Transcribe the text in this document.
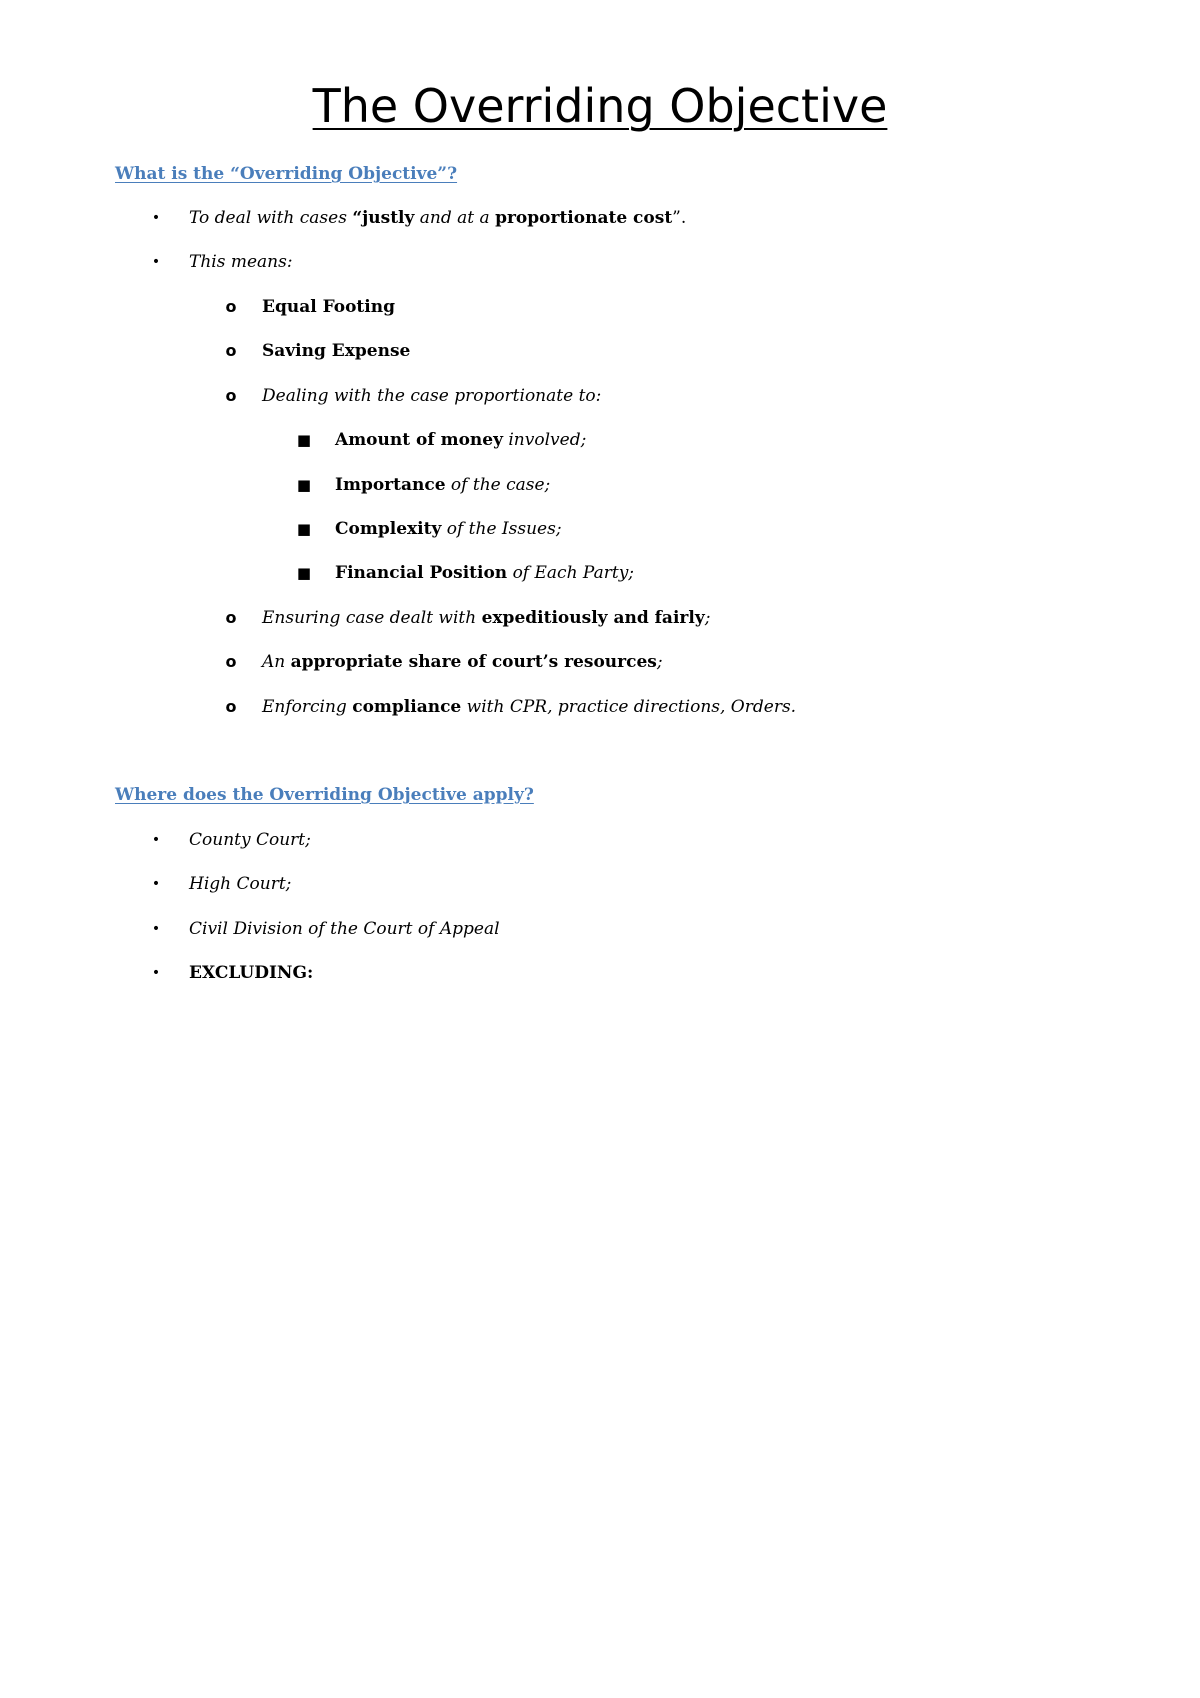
The Overriding Objective
What is the “Overriding Objective”?
• To deal with cases “justly and at a proportionate cost”.
• This means:
o Equal Footing
o Saving Expense
o Dealing with the case proportionate to:
■ Amount of money involved;
■ Importance of the case;
■ Complexity of the Issues;
■ Financial Position of Each Party;
o Ensuring case dealt with expeditiously and fairly;
o An appropriate share of court’s resources;
o Enforcing compliance with CPR, practice directions, Orders.
Where does the Overriding Objective apply?
• County Court;
• High Court;
• Civil Division of the Court of Appeal
• EXCLUDING:
